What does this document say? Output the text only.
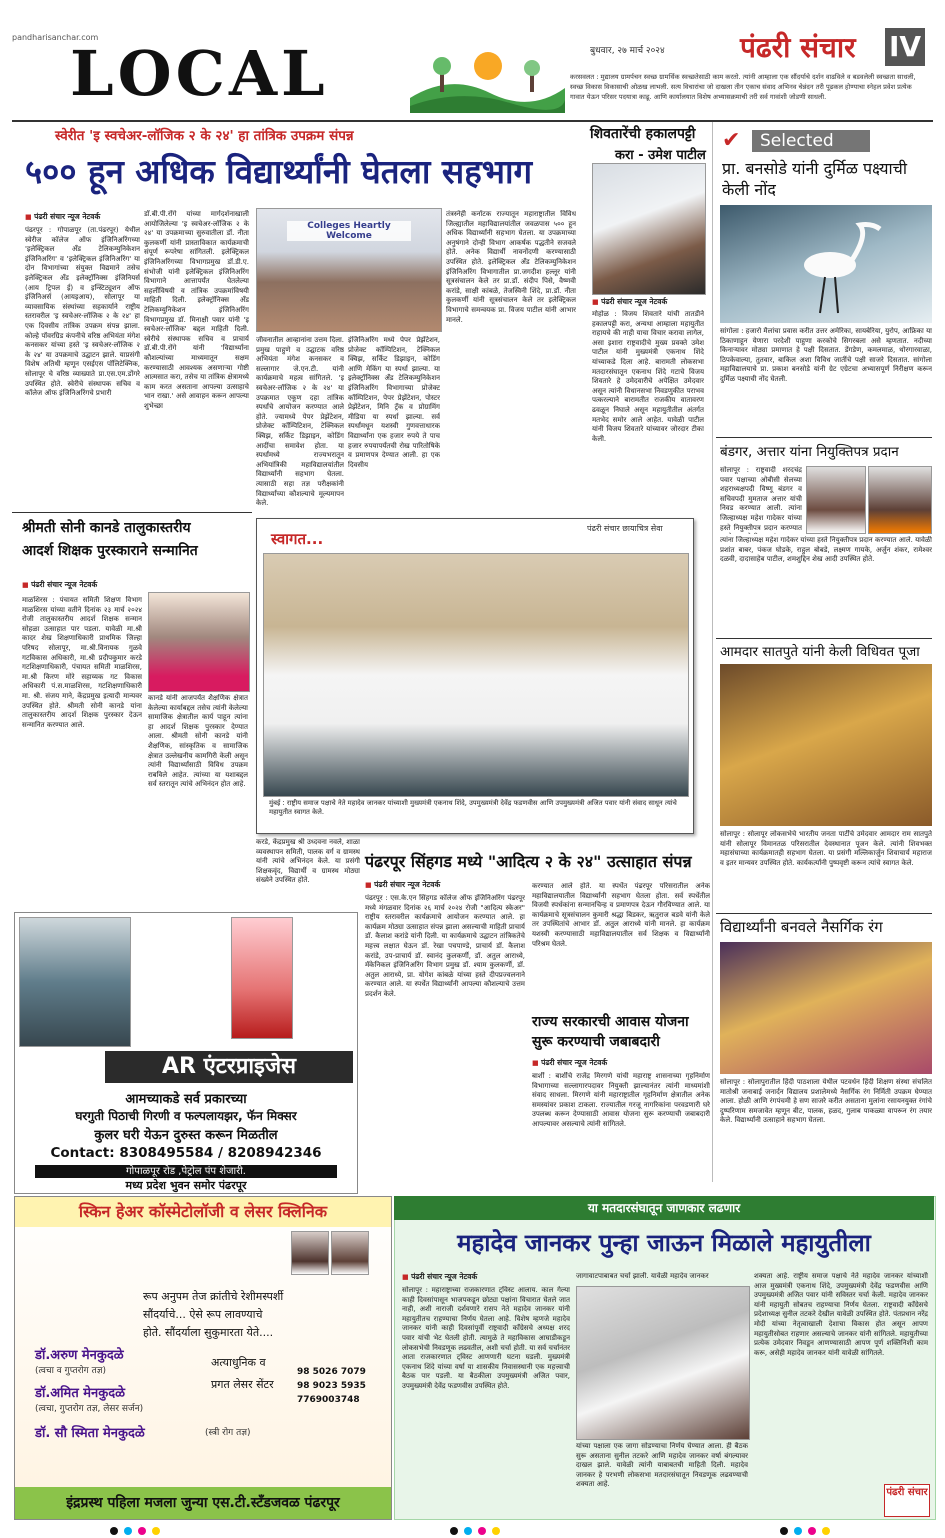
pandharisanchar.com
LOCAL	बुधवार, २७ मार्च २०२४	पंढरी संचार IV
करसवलत : मुद्यालय ग्रामर्पचन स्वच्छ ग्रामर्थिक स्वच्छतेसाठी काम करतो. त्यांनी आम्हाला एक सौंदर्याचे दर्शन वाढविले व बडवलेली स्वच्छता साधली, स्वच्छ विकास विकासाची ओळख लाभली. सत्य विचारांचा जो दाखला तीन एकाच संवाद अभिनव चेन्नंदन तरी पूढकल होण्याचा स्नेहल प्रवेश प्रत्येक गावात येऊन परिसर पदयात्रा काढू. आणि कार्यालयात विशेष अभ्यासक्रमाची तरी सर्व गावांशी जोडणी साधली.
स्वेरीत 'इ स्वचेअर-लॉजिक २ के २४' हा तांत्रिक उपक्रम संपन्न
५०० हून अधिक विद्यार्थ्यांनी घेतला सहभाग
■ पंढरी संचार न्यूज नेटवर्क
पंढरपूर : गोपाळपूर (ता.पंढरपूर) येथील स्वेरीज कॉलेज ऑफ इंजिनिअरिंगच्या 'इलेक्ट्रिकल अँड टेलिकम्युनिकेशन इंजिनिअरिंग' व 'इलेक्ट्रिकल इंजिनिअरिंग' या दोन विभागांच्या संयुक्त विद्यमाने तसेच इलेक्ट्रिकल अँड इलेक्ट्रॉनिक्स इंजिनियर्स (आय ट्रिपल ई) व इन्स्टिट्यूशन ऑफ इंजिनिअर्स (आयइआय), सोलापूर या व्यावसायिक संस्थांच्या सहकार्याने राष्ट्रीय स्तरावरील 'इ स्वचेअर-लॉजिक २ के २४' हा एक दिवसीय तांत्रिक उपक्रम संपन्न झाला. कोल्हे पॉवरग्रिड कंपनीचे वरिष्ठ अभियंता मंगेश कनसकर यांच्या हस्ते 'इ स्वचेअर-लॉजिक २ के २४' या उपक्रमाचे उद्घाटन झाले. याप्रसंगी विशेष अतिथी म्हणून एसईएस पॉलिटेक्निक, सोलापूर चे वरिष्ठ व्याख्याते प्रा.एस.एम.डोंगरे उपस्थित होते. स्वेरीचे संस्थापक सचिव व कॉलेज ऑफ इंजिनिअरिंगचे प्रभारी
डॉ.बी.पी.रोंगे यांच्या मार्गदर्शनाखाली आयोजिलेल्या 'इ स्वचेअर-लॉजिक २ के २४' या उपक्रमाच्या सुरुवातीला डॉ. नीता कुलकर्णी यांनी प्रास्ताविकात कार्यक्रमाची संपूर्ण रूपरेषा सांगितली. इलेक्ट्रिकल इंजिनिअरिंगच्या विभागप्रमुख डॉ.डी.ए. संभोजी यांनी इलेक्ट्रिकल इंजिनिअरिंग विभागाने आत्तापर्यंत घेतलेल्या सहलींविषयी व तांत्रिक उपक्रमांविषयी माहिती दिली. इलेक्ट्रॉनिक्स अँड टेलिकम्युनिकेशन इंजिनिअरिंग विभागप्रमुख डॉ. मिनाक्षी पवार यांनी 'इ स्वचेअर-लॉजिक' बद्दल माहिती दिली. स्वेरीचे संस्थापक सचिव व प्राचार्य डॉ.बी.पी.रोंगे यांनी 'विद्यार्थ्यांना कौशल्यांच्या माध्यमातून सक्षम करण्यासाठी आवश्यक असणाऱ्या गोष्टी आत्मसात करा, तसेच या तांत्रिक क्षेत्रामध्ये काम करत असताना आपल्या उत्साहाचे भान राखा.' असे आवाहन करून आपल्या शुभेच्छा
Colleges Heartly Welcome
जीवनातील आव्हानांना उत्तम दिला. प्रमुख पाहुणे व उद्घाटक वरिष्ठ अभियंता मंगेश कनसकर व सल्लागार जे.एन.टी. यांनी कार्यक्रमाचे महत्व सांगितले. 'इ स्वचेअर-लॉजिक २ के २४' या उपक्रमात एकूण दहा तांत्रिक स्पर्धांचे आयोजन करण्यात आले होते. ज्यामध्ये पेपर प्रेझेंटेशन, प्रोजेक्ट कॉम्पिटिशन, टेक्निकल क्विझ, सर्किट डिझाइन, कोडिंग आदींचा समावेश होता. या स्पर्धांमध्ये राज्यभरातून अभियांत्रिकी महाविद्यालयांतील विद्यार्थ्यांनी सहभाग घेतला. त्यासाठी सहा तज्ञ परीक्षकांनी विद्यार्थ्यांच्या कौशल्याचे मूल्यमापन केले.
इंजिनिअरिंग मध्ये पेपर प्रेझेंटेशन, प्रोजेक्ट कॉम्पिटिशन, टेक्निकल क्विझ, सर्किट डिझाइन, कोडिंग आणि मेकिंग या स्पर्धा झाल्या. या इलेक्ट्रॉनिक्स अँड टेलिकम्युनिकेशन इंजिनिअरिंग विभागाच्या प्रोजेक्ट कॉम्पिटिशन, पेपर प्रेझेंटेशन, पोस्टर प्रेझेंटेशन, मिनि ट्रॅक व प्रोग्रामिंग मीडिया या स्पर्धा झाल्या. सर्व स्पर्धांमधून यशस्वी गुणवत्ताधारक विद्यार्थ्यांना एक हजार रुपये ते पाच हजार रुपयापर्यंतची रोख पारितोषिके व प्रमाणपत्र देण्यात आली. हा एक दिवसीय
तंत्रस्नेही कर्नाटक राज्यातून महाराष्ट्रातील विविध जिल्ह्यातील महाविद्यालयांतील जवळपास ५०० हून अधिक विद्यार्थ्यांनी सहभाग घेतला. या उपक्रमाच्या अनुषंगाने दोन्ही विभाग आकर्षक पद्धतीने सजवले होते. अनेक विद्यार्थी नावनोंदणी करण्यासाठी उपस्थित होते. इलेक्ट्रिकल अँड टेलिकम्युनिकेशन इंजिनिअरिंग विभागातील प्रा.जगदीश हल्लूर यांनी सूत्रसंचालन केले तर प्रा.डॉ. संदीप पिसे, वैष्णवी करांडे, साक्षी कांबळे, तेजस्विनी शिंदे, प्रा.डॉ. नीता कुलकर्णी यांनी सूत्रसंचालन केले तर इलेक्ट्रिकल विभागाचे समन्वयक प्रा. विजय पाटील यांनी आभार मानले.
शिवतारेंची हकालपट्टी
करा - उमेश पाटील
■ पंढरी संचार न्यूज नेटवर्क
मोहोळ : विजय शिवतारे यांची तातडीने हकालपट्टी करा, अन्यथा आम्हाला महायुतीत राहायचे की नाही याचा विचार करावा लागेल, असा इशारा राष्ट्रवादीचे मुख्य प्रवक्ते उमेश पाटील यांनी मुख्यमंत्री एकनाथ शिंदे यांच्याकडे दिला आहे. बारामती लोकसभा मतदारसंघातून एकनाथ शिंदे गटाचे विजय शिवतारे हे उमेदवारीचे अपेक्षित उमेदवार असून त्यांनी विधानसभा निवडणुकीत पराभव पत्करल्याने बारामतीत राजकीय वातावरण ढवळून निघाले असून महायुतीतील अंतर्गत मतभेद समोर आले आहेत. यावेळी पाटील यांनी विजय शिवतारे यांच्यावर जोरदार टीका केली.
✔	Selected
प्रा. बनसोडे यांनी दुर्मिळ पक्ष्याची केली नोंद
सांगोला : हजारो मैलांचा प्रवास करीत उत्तर अमेरिका, सायबेरिया, युरोप, आफ्रिका या ठिकाणाहून येणारा परदेशी पाहुणा करकोचे सिगरबला असे म्हणतात. नदीच्या किनाऱ्यावर मोठ्या प्रमाणात हे पक्षी दिसतात. डेंगडेण, कमलमाळ, थोरगारवाळा, ठिपकेवाल्या, तुतवार, बाकिल अशा विविध जातींचे पक्षी साजरे दिसतात. सांगोला महाविद्यालयाचे प्रा. प्रकाश बनसोडे यांनी ग्रेट एग्रेटचा अभ्यासपूर्ण निरीक्षण करून दुर्मिळ पक्ष्याची नोंद घेतली.
बंडगर, अत्तार यांना नियुक्तिपत्र प्रदान
सोलापूर : राष्ट्रवादी शरदचंद्र पवार पक्षाच्या ओबीसी सेलच्या शहराध्यक्षपदी विष्णू बंडगर व सचिवपदी मुमताज अत्तार यांची निवड करण्यात आली. त्यांना जिल्हाध्यक्ष महेश गादेकर यांच्या हस्ते नियुक्तीपत्र प्रदान करण्यात
त्यांना जिल्हाध्यक्ष महेश गादेकर यांच्या हस्ते नियुक्तीपत्र प्रदान करण्यात आले. यावेळी प्रशांत बाबर, पंकज घोडके, राहुल बोबडे, लक्ष्मण गायके, अर्जुन शंकर, रामेश्वर दळवी, दादासाहेब पाटील, शमशुद्दिन शेख आदी उपस्थित होते.
आमदार सातपुते यांनी केली विधिवत पूजा
सोलापूर : सोलापूर लोकसभेचे भारतीय जनता पार्टीचे उमेदवार आमदार राम सातपुते यांनी सोलापूर विमानतळ परिसरातील देवस्थानात पूजन केले. त्यांनी शिवभक्त महासंघाच्या कार्यक्रमातही सहभाग घेतला. या प्रसंगी मल्लिकार्जुन शिवाचार्य महाराज व इतर मान्यवर उपस्थित होते. कार्यकर्त्यांनी पुष्पवृष्टी करून त्यांचे स्वागत केले.
विद्यार्थ्यांनी बनवले नैसर्गिक रंग
सोलापूर : सोलापुरातील हिंदी पाठशाला येथील पटवर्धन हिंदी शिक्षण संस्था संचलित मातोश्री जनाबाई जनार्दन विद्यालय प्रशालेमध्ये नैसर्गिक रंग निर्मिती उपक्रम घेण्यात आला. होळी आणि रंगपंचमी हे सण साजरे करीत असताना मुलांना रसायनयुक्त रंगांचे दुष्परिणाम समजावेत म्हणून बीट, पालक, हळद, गुलाब पाकळ्या वापरून रंग तयार केले. विद्यार्थ्यांनी उत्साहाने सहभाग घेतला.
श्रीमती सोनी कानडे तालुकास्तरीय
आदर्श शिक्षक पुरस्काराने सन्मानित
■ पंढरी संचार न्यूज नेटवर्क
माळशिरस : पंचायत समिती शिक्षण विभाग माळशिरस यांच्या वतीने दिनांक २३ मार्च २०२४ रोजी तालुकास्तरीय आदर्श शिक्षक सन्मान सोहळा उत्साहात पार पडला. यावेळी मा.श्री कादर शेख शिक्षणाधिकारी प्राथमिक जिल्हा परिषद सोलापूर, मा.श्री.विनायक गुळवे गटविकास अधिकारी, मा.श्री प्रदीपकुमार करडे गटशिक्षणाधिकारी, पंचायत समिती माळशिरस, मा.श्री किरण मोरे सहाय्यक गट विकास अधिकारी पं.स.माळशिरस, गटशिक्षणाधिकारी मा. श्री. संजय माने, केंद्रप्रमुख इत्यादी मान्यवर उपस्थित होते. श्रीमती सोनी कानडे यांना तालुकास्तरीय आदर्श शिक्षक पुरस्कार देऊन सन्मानित करण्यात आले.
कानडे यांनी आजपर्यंत शैक्षणिक क्षेत्रात केलेल्या कार्याबद्दल तसेच त्यांनी केलेल्या सामाजिक क्षेत्रातील कार्य पाहून त्यांना हा आदर्श शिक्षक पुरस्कार देण्यात आला. श्रीमती सोनी कानडे यांनी शैक्षणिक, सांस्कृतिक व सामाजिक क्षेत्रात उल्लेखनीय कामगिरी केली असून त्यांनी विद्यार्थ्यांसाठी विविध उपक्रम राबविले आहेत. त्यांच्या या यशाबद्दल सर्व स्तरातून त्यांचे अभिनंदन होत आहे.
करडे, केंद्रप्रमुख श्री उध्दवना नवले, शाळा व्यवस्थापन समिती, पालक वर्ग व ग्रामस्थ यांनी त्यांचे अभिनंदन केले. या प्रसंगी शिक्षकवृंद, विद्यार्थी व ग्रामस्थ मोठ्या संख्येने उपस्थित होते.
स्वागत...
पंढरी संचार छायाचित्र सेवा
मुंबई : राष्ट्रीय समाज पक्षाचे नेते महादेव जानकर यांच्याशी मुख्यमंत्री एकनाथ शिंदे, उपमुख्यमंत्री देवेंद्र फडणवीस आणि उपमुख्यमंत्री अजित पवार यांनी संवाद साधून त्यांचे महायुतीत स्वागत केले.
पंढरपूर सिंहगड मध्ये "आदित्य २ के २४" उत्साहात संपन्न
■ पंढरी संचार न्यूज नेटवर्क
पंढरपूर : एस.के.एन सिंहगड कॉलेज ऑफ इंजिनिअरिंग पंढरपूर मध्ये मंगळवार दिनांक २६ मार्च २०२४ रोजी "आदित्य स्केअर" राष्ट्रीय स्तरावरील कार्यक्रमाचे आयोजन करण्यात आले. हा कार्यक्रम मोठ्या उत्साहात संपन्न झाला असल्याची माहिती प्राचार्य डॉ. कैलाश करांडे यांनी दिली. या कार्यक्रमाचे उद्घाटन तांत्रिकतेचे महत्त्व लक्षात घेऊन डॉ. रेखा पचपाण्डे, प्राचार्य डॉ. कैलाश करांडे, उप-प्राचार्य डॉ. स्वानंद कुलकर्णी, डॉ. अतुल आराध्ये, मॅकेनिकल इंजिनिअरिंग विभाग प्रमुख डॉ. श्याम कुलकर्णी, डॉ. अतुल आराध्ये, प्रा. योगेश कांबळे यांच्या हस्ते दीपप्रज्वलनाने करण्यात आले. या स्पर्धेत विद्यार्थ्यांनी आपल्या कौशल्याचे उत्तम प्रदर्शन केले.
करण्यात आले होते. या स्पर्धेत पंढरपूर परिसरातील अनेक महाविद्यालयातील विद्यार्थ्यांनी सहभाग घेतला होता. सर्व स्पर्धेतील विजयी स्पर्धकांना सन्मानचिन्ह व प्रमाणपत्र देऊन गौरविण्यात आले. या कार्यक्रमाचे सूत्रसंचालन कुमारी श्रद्धा बिडकर, ऋतुराज बडवे यांनी केले तर उपस्थितांचे आभार डॉ. अतुल आराध्ये यांनी मानले. हा कार्यक्रम यशस्वी करण्यासाठी महाविद्यालयातील सर्व शिक्षक व विद्यार्थ्यांनी परिश्रम घेतले.
राज्य सरकारची आवास योजना
सुरू करण्याची जबाबदारी
■ पंढरी संचार न्यूज नेटवर्क
बार्शी : बार्शीचे राजेंद्र मिरगणे यांची महाराष्ट्र शासनाच्या गृहनिर्माण विभागाच्या सल्लागारपदावर नियुक्ती झाल्यानंतर त्यांनी माध्यमांशी संवाद साधला. मिरगणे यांनी महाराष्ट्रातील गृहनिर्माण क्षेत्रातील अनेक समस्यांवर प्रकाश टाकला. राज्यातील गरजू नागरिकांना परवडणारी घरे उपलब्ध करून देण्यासाठी आवास योजना सुरू करण्याची जबाबदारी आपल्यावर असल्याचे त्यांनी सांगितले.
AR एंटरप्राइजेस
आमच्याकडे सर्व प्रकारच्या
घरगुती पिठाची गिरणी व फल्पलायझर, फॅन मिक्सर
कुलर घरी येऊन दुरुस्त करून मिळतील
Contact: 8308495584 / 8208942346
गोपाळपूर रोड ,पेट्रोल पंप शेजारी.
मध्य प्रदेश भुवन समोर पंढरपूर
स्किन हेअर कॉस्मेटोलॉजी व लेसर क्लिनिक
रूप अनुपम तेज क्रांतीचे रेशीमस्पर्शी
सौंदर्याचे... ऐसे रूप लावण्याचे
होते. सौंदर्याला सुकुमारता येते....
डॉ.अरुण मेनकुदळे
(त्वचा व गुप्तरोग तज्ञ)
डॉ.अमित मेनकुदळे
(त्वचा, गुप्तरोग तज्ञ, लेसर सर्जन)
डॉ. सौ स्मिता मेनकुदळे	(स्त्री रोग तज्ञ)
अत्याधुनिक व
प्रगत लेसर सेंटर
98 5026 7079
98 9023 5935
7769003748
इंद्रप्रस्थ पहिला मजला जुन्या एस.टी.स्टँडजवळ पंढरपूर
या मतदारसंघातून जाणकार लढणार
महादेव जानकर पुन्हा जाऊन मिळाले महायुतीला
■ पंढरी संचार न्यूज नेटवर्क
सोलापूर : महाराष्ट्राच्या राजकारणात ट्विस्ट आलाय. काल गेल्या काही दिवसांपासून भाजपकडून छोट्या पक्षांना विचारात घेतले जात नाही, अशी नाराजी दर्शवणारे रासप नेते महादेव जानकर यांनी महायुतीतच राहण्याचा निर्णय घेतला आहे. विशेष म्हणजे महादेव जानकर यांनी काही दिवसांपूर्वी राष्ट्रवादी काँग्रेसचे अध्यक्ष शरद पवार यांची भेट घेतली होती. त्यामुळे ते महाविकास आघाडीकडून लोकसभेची निवडणूक लढवतील, अशी चर्चा होती. या सर्व चर्चांनंतर आता राजकारणात ट्विस्ट आणणारी घटना घडली. मुख्यमंत्री एकनाथ शिंदे यांच्या वर्षा या शासकीय निवासस्थानी एक महत्त्वाची बैठक पार पडली. या बैठकीला उपमुख्यमंत्री अजित पवार, उपमुख्यमंत्री देवेंद्र फडणवीस उपस्थित होते.
जागावाटपाबाबत चर्चा झाली. यावेळी महादेव जानकर
यांच्या पक्षाला एक जागा सोडण्याचा निर्णय घेण्यात आला. ही बैठक सुरू असताना सुनील तटकरे आणि महादेव जानकर वर्षा बंगल्यावर दाखल झाले. यावेळी त्यांनी याबाबतची माहिती दिली. महादेव जानकर हे परभणी लोकसभा मतदारसंघातून निवडणूक लढवण्याची शक्यता आहे.
शक्यता आहे. राष्ट्रीय समाज पक्षाचे नेते महादेव जानकर यांच्याशी आज मुख्यमंत्री एकनाथ शिंदे, उपमुख्यमंत्री देवेंद्र फडणवीस आणि उपमुख्यमंत्री अजित पवार यांनी सविस्तर चर्चा केली. महादेव जानकर यांनी महायुती सोबतच राहण्याचा निर्णय घेतला. राष्ट्रवादी काँग्रेसचे प्रदेशाध्यक्ष सुनील तटकरे देखील यावेळी उपस्थित होते. पंतप्रधान नरेंद्र मोदी यांच्या नेतृत्वाखाली देशाचा विकास होत असून आपण महायुतीसोबत राहणार असल्याचे जानकर यांनी सांगितले. महायुतीच्या प्रत्येक उमेदवार निवडून आणण्यासाठी आपण पूर्ण शक्तिनिशी काम करू, असेही महादेव जानकर यांनी यावेळी सांगितले.
पंढरी संचार
